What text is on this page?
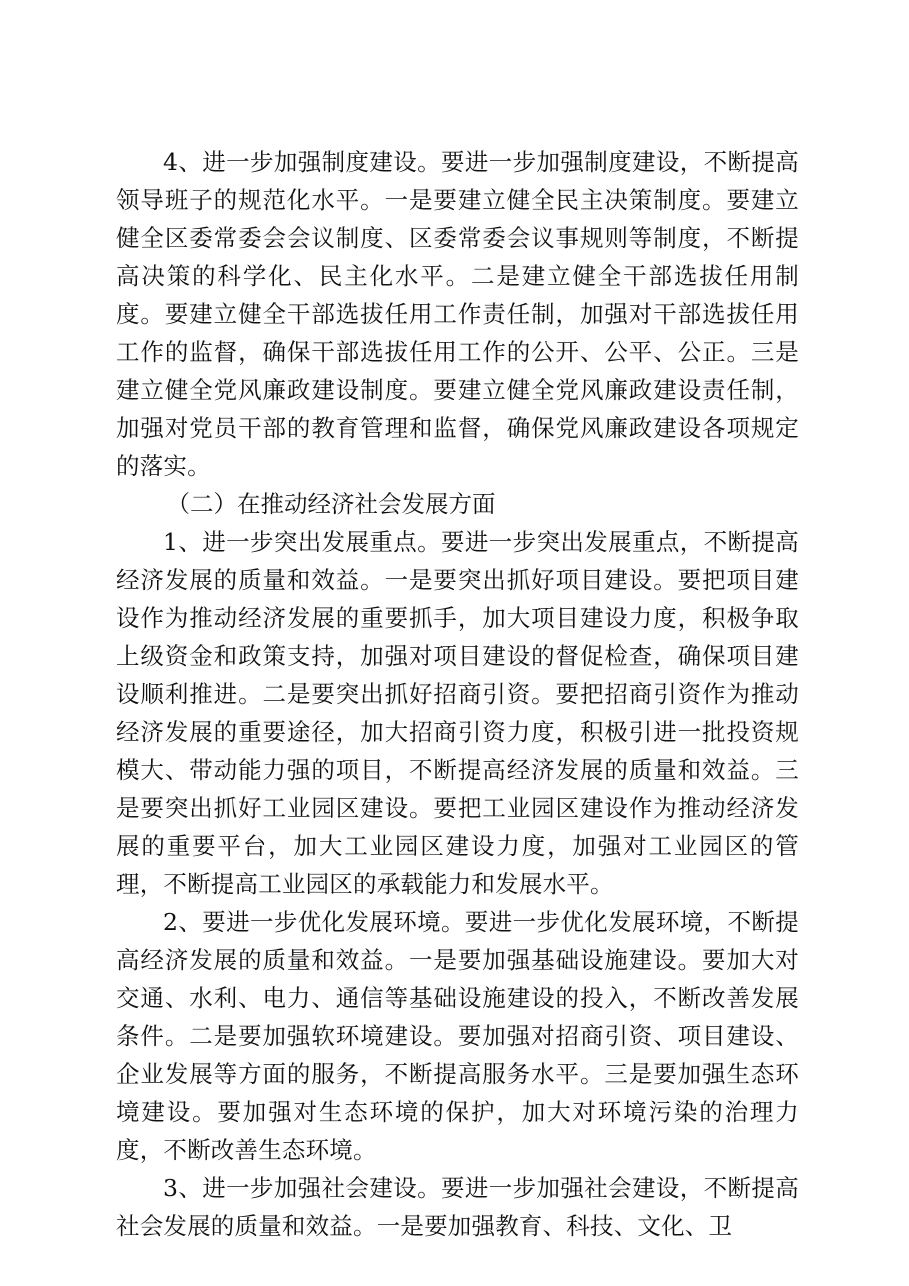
4、进一步加强制度建设。要进一步加强制度建设，不断提高领导班子的规范化水平。一是要建立健全民主决策制度。要建立健全区委常委会会议制度、区委常委会议事规则等制度，不断提高决策的科学化、民主化水平。二是建立健全干部选拔任用制度。要建立健全干部选拔任用工作责任制，加强对干部选拔任用工作的监督，确保干部选拔任用工作的公开、公平、公正。三是建立健全党风廉政建设制度。要建立健全党风廉政建设责任制，加强对党员干部的教育管理和监督，确保党风廉政建设各项规定的落实。

（二）在推动经济社会发展方面

1、进一步突出发展重点。要进一步突出发展重点，不断提高经济发展的质量和效益。一是要突出抓好项目建设。要把项目建设作为推动经济发展的重要抓手，加大项目建设力度，积极争取上级资金和政策支持，加强对项目建设的督促检查，确保项目建设顺利推进。二是要突出抓好招商引资。要把招商引资作为推动经济发展的重要途径，加大招商引资力度，积极引进一批投资规模大、带动能力强的项目，不断提高经济发展的质量和效益。三是要突出抓好工业园区建设。要把工业园区建设作为推动经济发展的重要平台，加大工业园区建设力度，加强对工业园区的管理，不断提高工业园区的承载能力和发展水平。

2、要进一步优化发展环境。要进一步优化发展环境，不断提高经济发展的质量和效益。一是要加强基础设施建设。要加大对交通、水利、电力、通信等基础设施建设的投入，不断改善发展条件。二是要加强软环境建设。要加强对招商引资、项目建设、企业发展等方面的服务，不断提高服务水平。三是要加强生态环境建设。要加强对生态环境的保护，加大对环境污染的治理力度，不断改善生态环境。

3、进一步加强社会建设。要进一步加强社会建设，不断提高社会发展的质量和效益。一是要加强教育、科技、文化、卫
